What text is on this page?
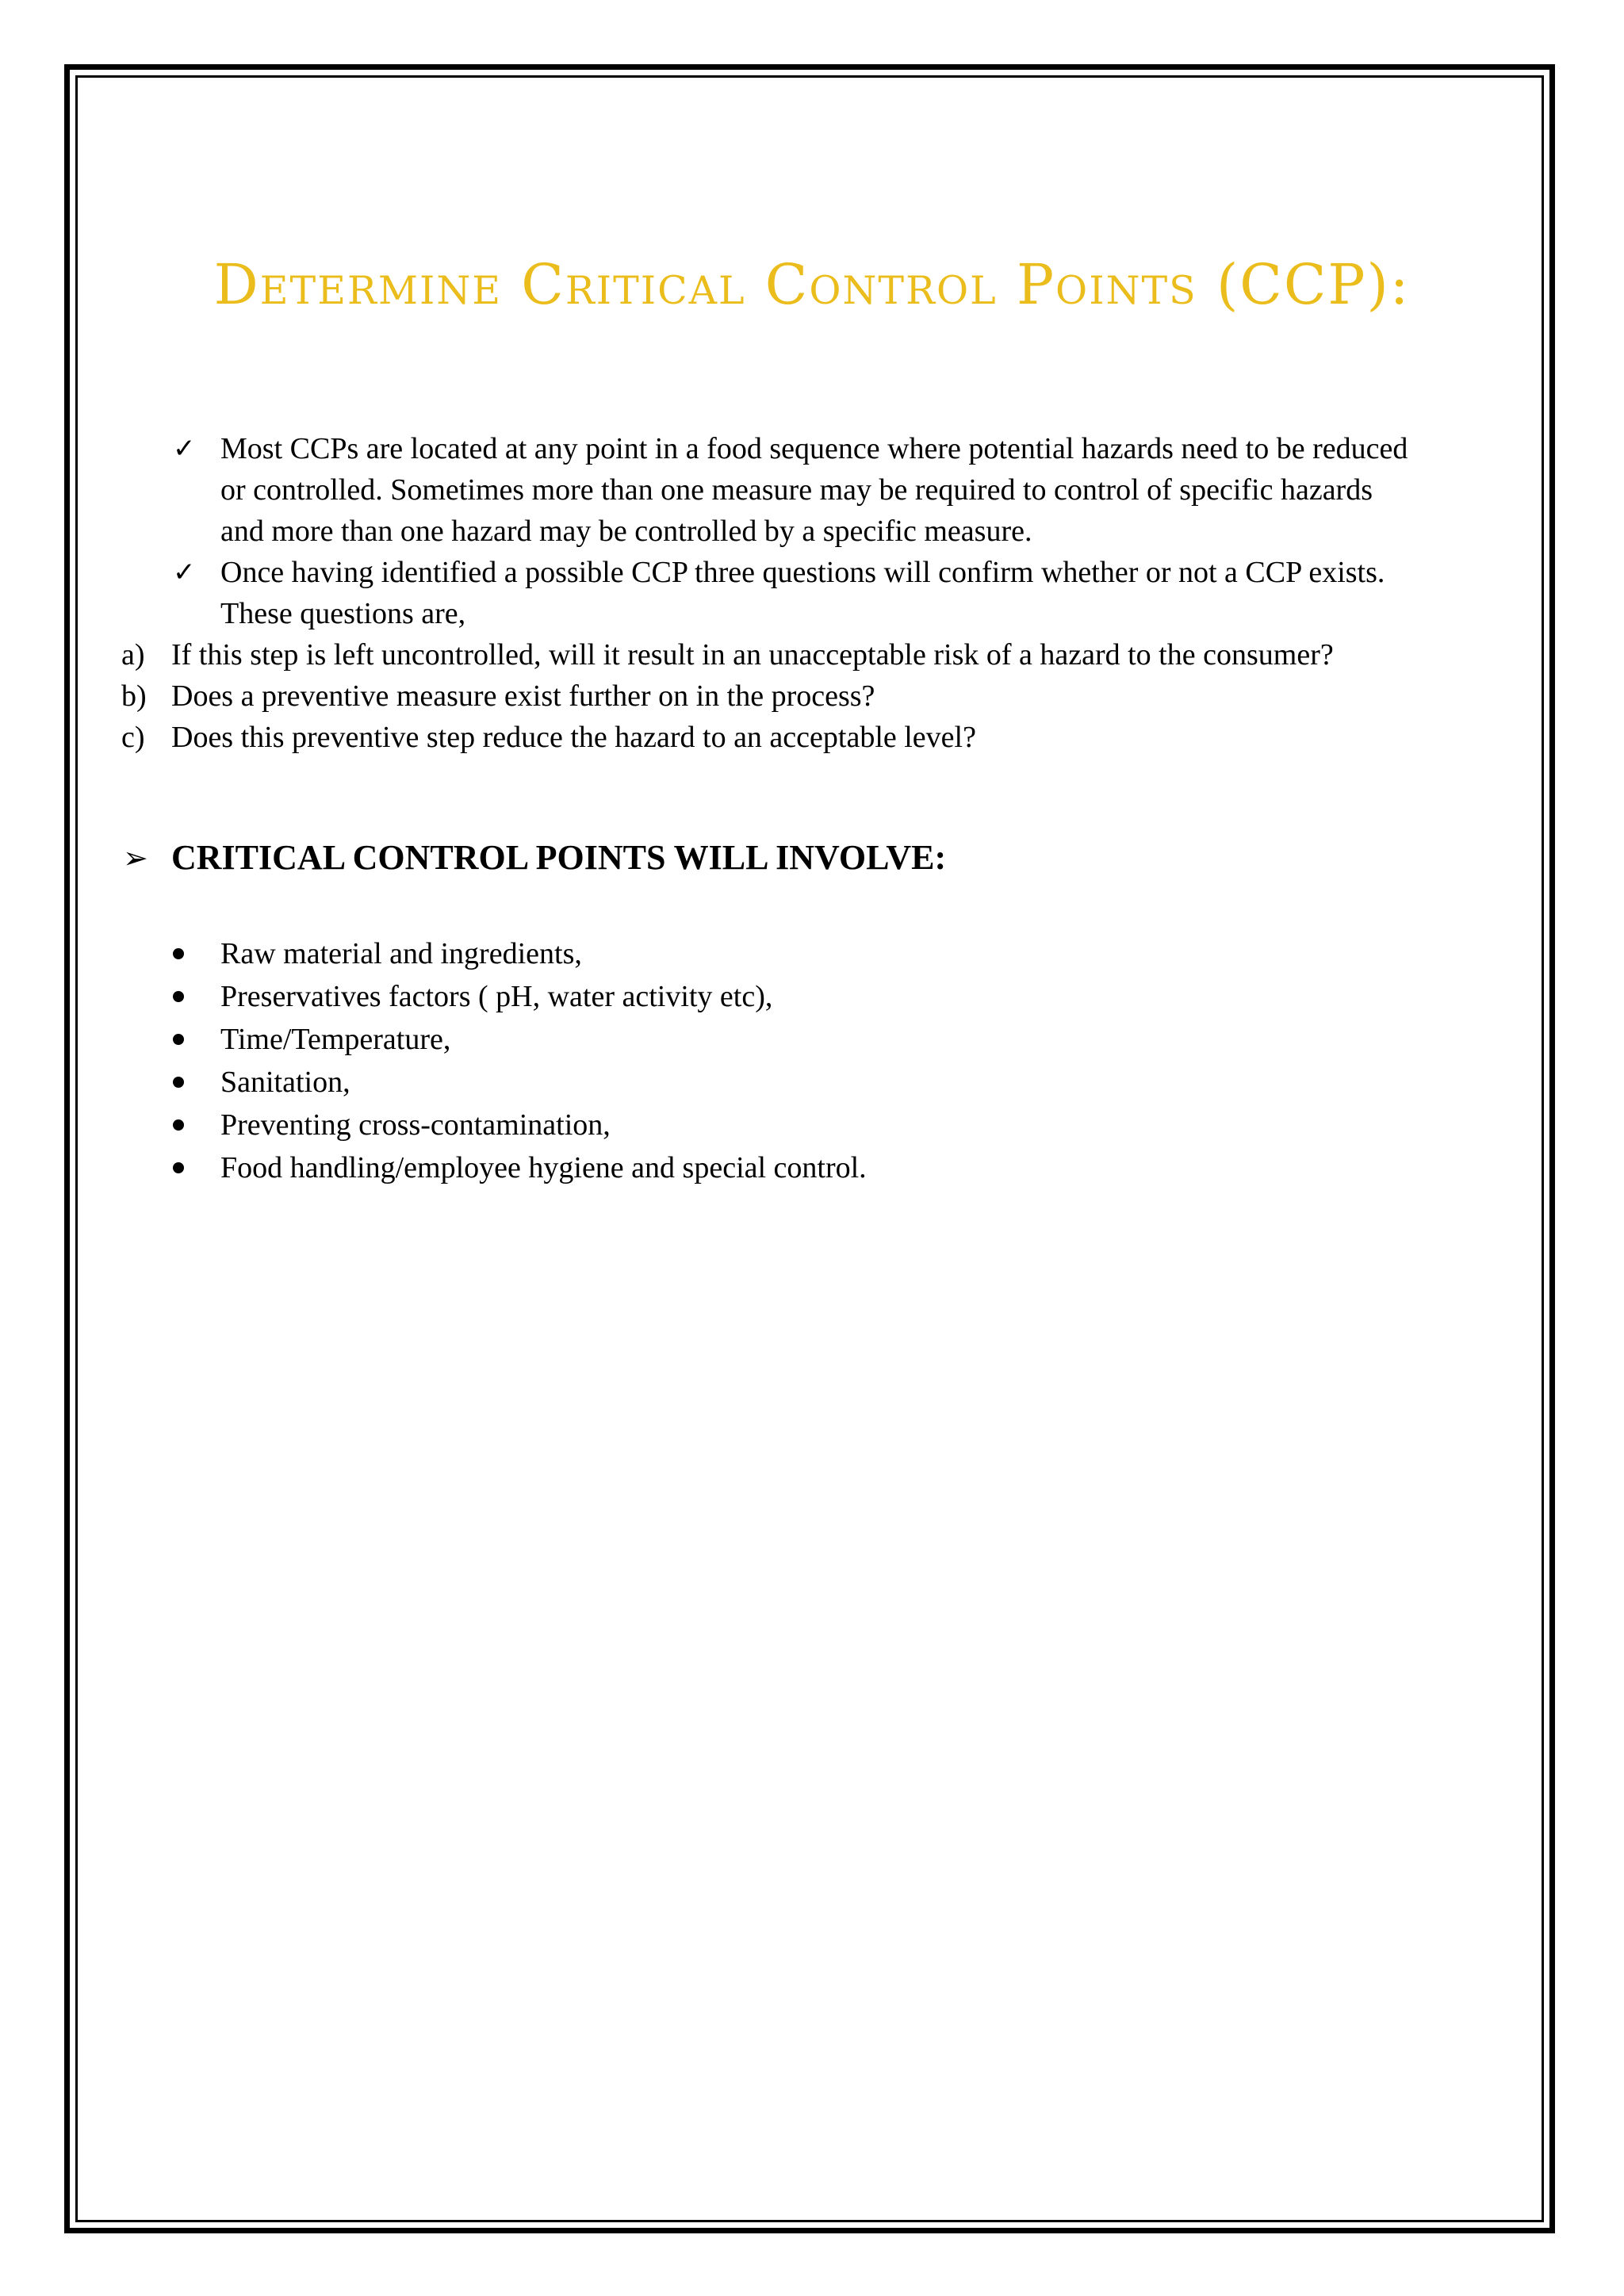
Determine Critical Control Points (CCP):
✓ Most CCPs are located at any point in a food sequence where potential hazards need to be reduced
or controlled. Sometimes more than one measure may be required to control of specific hazards
and more than one hazard may be controlled by a specific measure.
✓ Once having identified a possible CCP three questions will confirm whether or not a CCP exists.
These questions are,
a) If this step is left uncontrolled, will it result in an unacceptable risk of a hazard to the consumer?
b) Does a preventive measure exist further on in the process?
c) Does this preventive step reduce the hazard to an acceptable level?
➢ CRITICAL CONTROL POINTS WILL INVOLVE:
Raw material and ingredients,
Preservatives factors ( pH, water activity etc),
Time/Temperature,
Sanitation,
Preventing cross-contamination,
Food handling/employee hygiene and special control.
